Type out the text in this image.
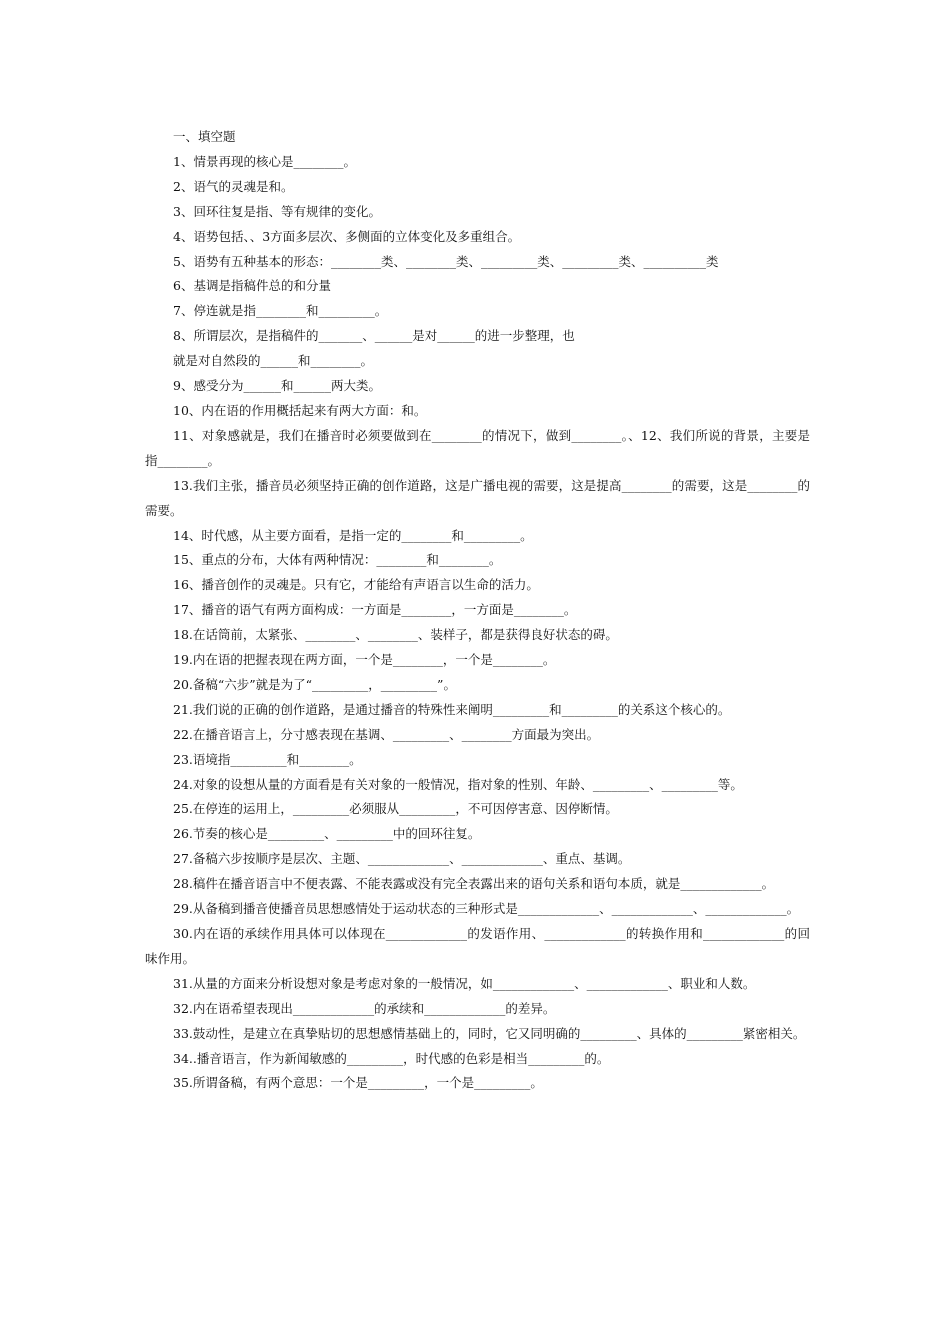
一、填空题
1、情景再现的核心是________。
2、语气的灵魂是和。
3、回环往复是指、等有规律的变化。
4、语势包括、、3方面多层次、多侧面的立体变化及多重组合。
5、语势有五种基本的形态：________类、________类、_________类、_________类、__________类
6、基调是指稿件总的和分量
7、停连就是指________和_________。
8、所谓层次，是指稿件的_______、______是对______的进一步整理，也
就是对自然段的______和________。
9、感受分为______和______两大类。
10、内在语的作用概括起来有两大方面：和。
11、对象感就是，我们在播音时必须要做到在________的情况下，做到________。、12、我们所说的背景，主要是指________。
13.我们主张，播音员必须坚持正确的创作道路，这是广播电视的需要，这是提高________的需要，这是________的需要。
14、时代感，从主要方面看，是指一定的________和_________。
15、重点的分布，大体有两种情况：________和________。
16、播音创作的灵魂是。只有它，才能给有声语言以生命的活力。
17、播音的语气有两方面构成：一方面是________，一方面是________。
18.在话筒前，太紧张、________、________、装样子，都是获得良好状态的碍。
19.内在语的把握表现在两方面，一个是________，一个是________。
20.备稿“六步”就是为了“_________，_________”。
21.我们说的正确的创作道路，是通过播音的特殊性来阐明_________和_________的关系这个核心的。
22.在播音语言上，分寸感表现在基调、_________、________方面最为突出。
23.语境指_________和________。
24.对象的设想从量的方面看是有关对象的一般情况，指对象的性别、年龄、_________、_________等。
25.在停连的运用上，_________必须服从_________，不可因停害意、因停断情。
26.节奏的核心是_________、_________中的回环往复。
27.备稿六步按顺序是层次、主题、_____________、_____________、重点、基调。
28.稿件在播音语言中不便表露、不能表露或没有完全表露出来的语句关系和语句本质，就是_____________。
29.从备稿到播音使播音员思想感情处于运动状态的三种形式是_____________、_____________、_____________。
30.内在语的承续作用具体可以体现在_____________的发语作用、_____________的转换作用和_____________的回味作用。
31.从量的方面来分析设想对象是考虑对象的一般情况，如_____________、_____________、职业和人数。
32.内在语希望表现出_____________的承续和_____________的差异。
33.鼓动性，是建立在真挚贴切的思想感情基础上的，同时，它又同明确的_________、具体的_________紧密相关。
34..播音语言，作为新闻敏感的_________，时代感的色彩是相当_________的。
35.所谓备稿，有两个意思：一个是_________，一个是_________。
